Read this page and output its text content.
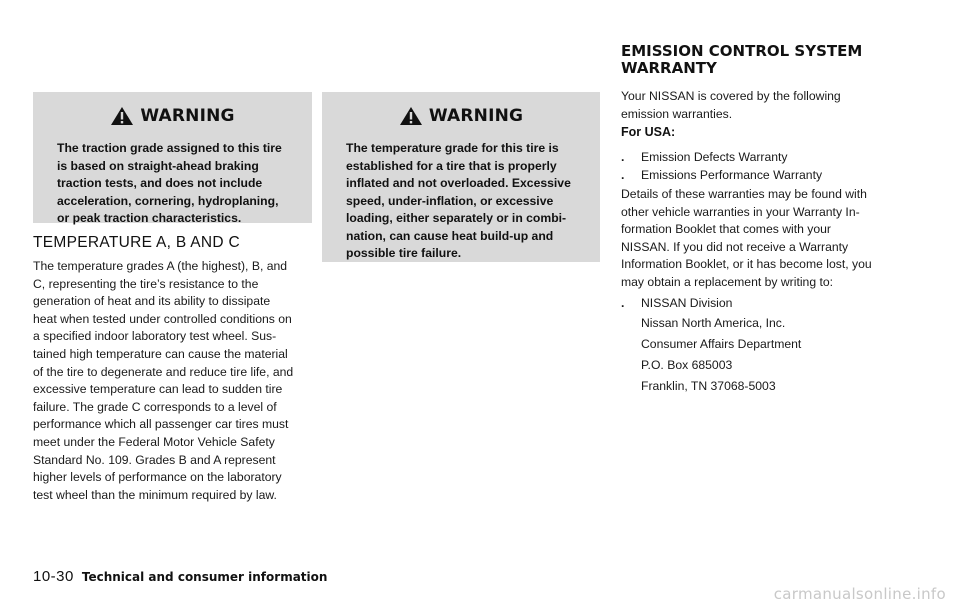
WARNING
The traction grade assigned to this tire
is based on straight-ahead braking
traction tests, and does not include
acceleration, cornering, hydroplaning,
or peak traction characteristics.
TEMPERATURE A, B AND C
The temperature grades A (the highest), B, and
C, representing the tire’s resistance to the
generation of heat and its ability to dissipate
heat when tested under controlled conditions on
a specified indoor laboratory test wheel. Sus-
tained high temperature can cause the material
of the tire to degenerate and reduce tire life, and
excessive temperature can lead to sudden tire
failure. The grade C corresponds to a level of
performance which all passenger car tires must
meet under the Federal Motor Vehicle Safety
Standard No. 109. Grades B and A represent
higher levels of performance on the laboratory
test wheel than the minimum required by law.
WARNING
The temperature grade for this tire is
established for a tire that is properly
inflated and not overloaded. Excessive
speed, under-inflation, or excessive
loading, either separately or in combi-
nation, can cause heat build-up and
possible tire failure.
EMISSION CONTROL SYSTEM
WARRANTY
Your NISSAN is covered by the following
emission warranties.
For USA:
. Emission Defects Warranty
. Emissions Performance Warranty
Details of these warranties may be found with
other vehicle warranties in your Warranty In-
formation Booklet that comes with your
NISSAN. If you did not receive a Warranty
Information Booklet, or it has become lost, you
may obtain a replacement by writing to:
. NISSAN Division
Nissan North America, Inc.
Consumer Affairs Department
P.O. Box 685003
Franklin, TN 37068-5003
10-30 Technical and consumer information
carmanualsonline.info
